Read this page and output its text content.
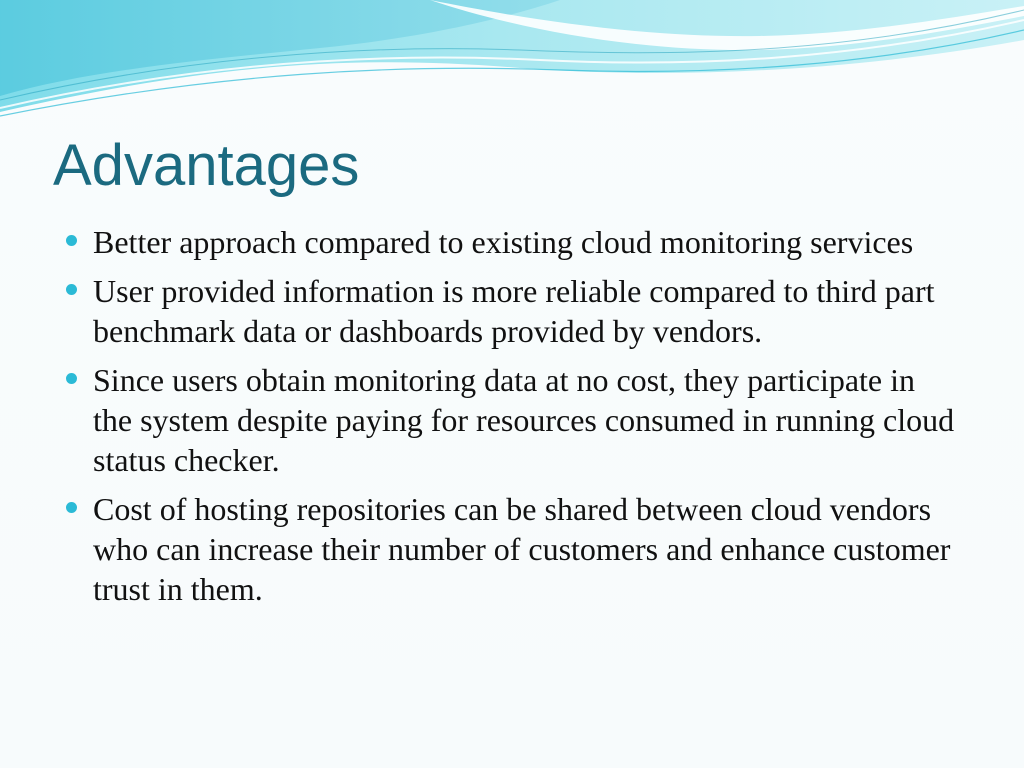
Advantages
Better approach compared to existing cloud monitoring services
User provided information is more reliable compared to third part benchmark data or dashboards provided by vendors.
Since users obtain monitoring data at no cost, they participate in the system despite paying for resources consumed in running cloud status checker.
Cost of hosting repositories can be shared between cloud vendors who can increase their number of customers and enhance customer trust in them.
